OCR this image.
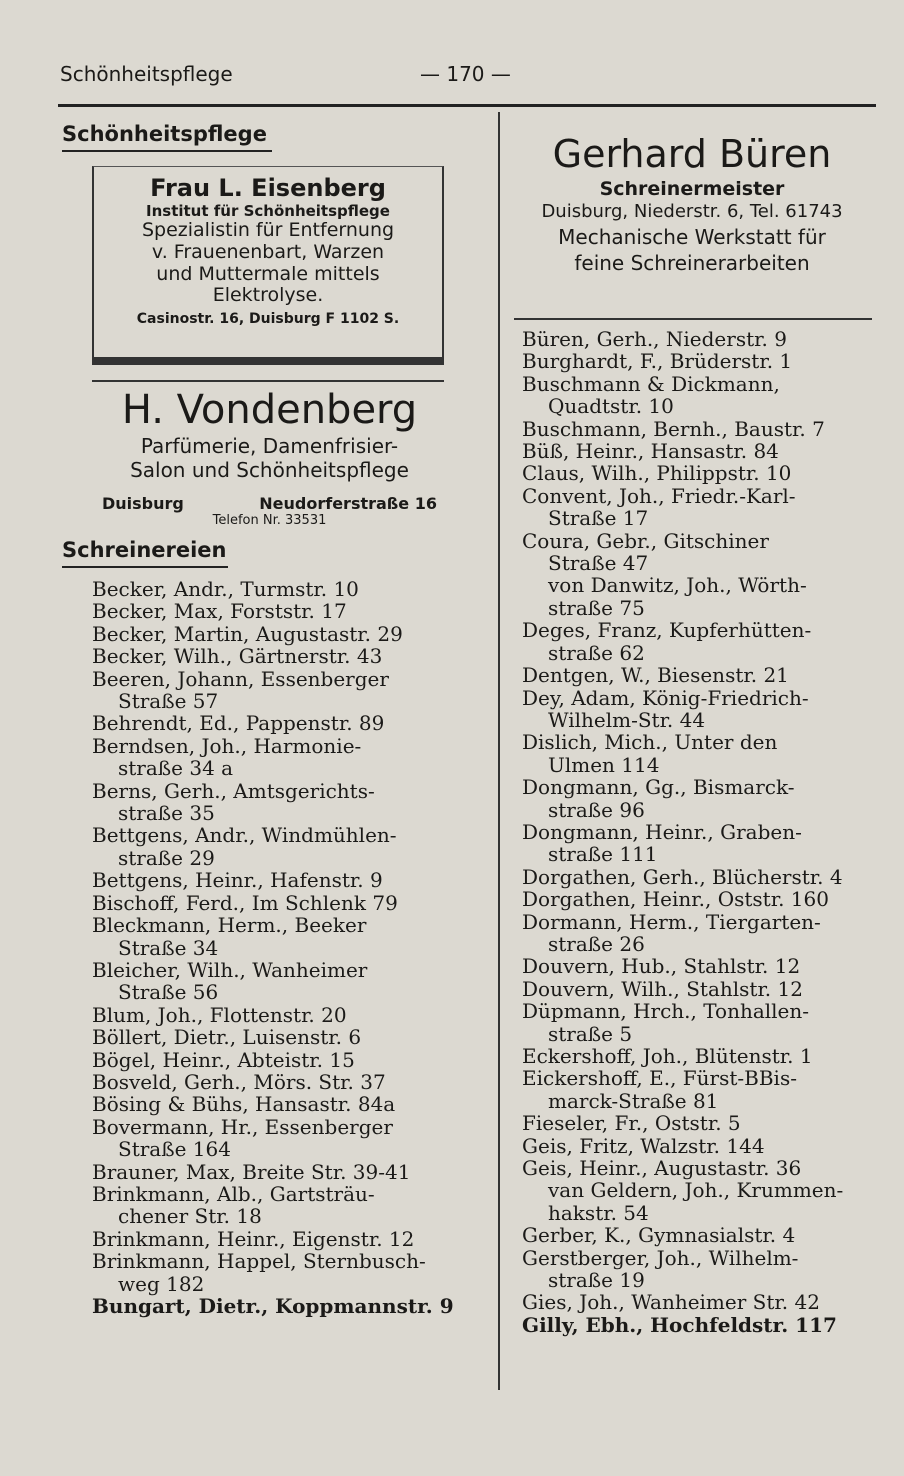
Schönheitspflege	— 170 —
Schönheitspflege
Frau L. Eisenberg
Institut für Schönheitspflege
Spezialistin für Entfernung
v. Frauenenbart, Warzen
und Muttermale mittels
Elektrolyse.
Casinostr. 16, Duisburg F 1102 S.
H. Vondenberg
Parfümerie, Damenfrisier-
Salon und Schönheitspflege
Duisburg	Neudorferstraße 16
Telefon Nr. 33531
Schreinereien
Becker, Andr., Turmstr. 10
Becker, Max, Forststr. 17
Becker, Martin, Augustastr. 29
Becker, Wilh., Gärtnerstr. 43
Beeren, Johann, Essenberger
Straße 57
Behrendt, Ed., Pappenstr. 89
Berndsen, Joh., Harmonie-
straße 34 a
Berns, Gerh., Amtsgerichts-
straße 35
Bettgens, Andr., Windmühlen-
straße 29
Bettgens, Heinr., Hafenstr. 9
Bischoff, Ferd., Im Schlenk 79
Bleckmann, Herm., Beeker
Straße 34
Bleicher, Wilh., Wanheimer
Straße 56
Blum, Joh., Flottenstr. 20
Böllert, Dietr., Luisenstr. 6
Bögel, Heinr., Abteistr. 15
Bosveld, Gerh., Mörs. Str. 37
Bösing & Bühs, Hansastr. 84a
Bovermann, Hr., Essenberger
Straße 164
Brauner, Max, Breite Str. 39-41
Brinkmann, Alb., Gartsträu-
chener Str. 18
Brinkmann, Heinr., Eigenstr. 12
Brinkmann, Happel, Sternbusch-
weg 182
Bungart, Dietr., Koppmannstr. 9
Gerhard Büren
Schreinermeister
Duisburg, Niederstr. 6, Tel. 61743
Mechanische Werkstatt für
feine Schreinerarbeiten
Büren, Gerh., Niederstr. 9
Burghardt, F., Brüderstr. 1
Buschmann & Dickmann,
Quadtstr. 10
Buschmann, Bernh., Baustr. 7
Büß, Heinr., Hansastr. 84
Claus, Wilh., Philippstr. 10
Convent, Joh., Friedr.-Karl-
Straße 17
Coura, Gebr., Gitschiner
Straße 47
von Danwitz, Joh., Wörth-
straße 75
Deges, Franz, Kupferhütten-
straße 62
Dentgen, W., Biesenstr. 21
Dey, Adam, König-Friedrich-
Wilhelm-Str. 44
Dislich, Mich., Unter den
Ulmen 114
Dongmann, Gg., Bismarck-
straße 96
Dongmann, Heinr., Graben-
straße 111
Dorgathen, Gerh., Blücherstr. 4
Dorgathen, Heinr., Oststr. 160
Dormann, Herm., Tiergarten-
straße 26
Douvern, Hub., Stahlstr. 12
Douvern, Wilh., Stahlstr. 12
Düpmann, Hrch., Tonhallen-
straße 5
Eckershoff, Joh., Blütenstr. 1
Eickershoff, E., Fürst-BBis-
marck-Straße 81
Fieseler, Fr., Oststr. 5
Geis, Fritz, Walzstr. 144
Geis, Heinr., Augustastr. 36
van Geldern, Joh., Krummen-
hakstr. 54
Gerber, K., Gymnasialstr. 4
Gerstberger, Joh., Wilhelm-
straße 19
Gies, Joh., Wanheimer Str. 42
Gilly, Ebh., Hochfeldstr. 117
